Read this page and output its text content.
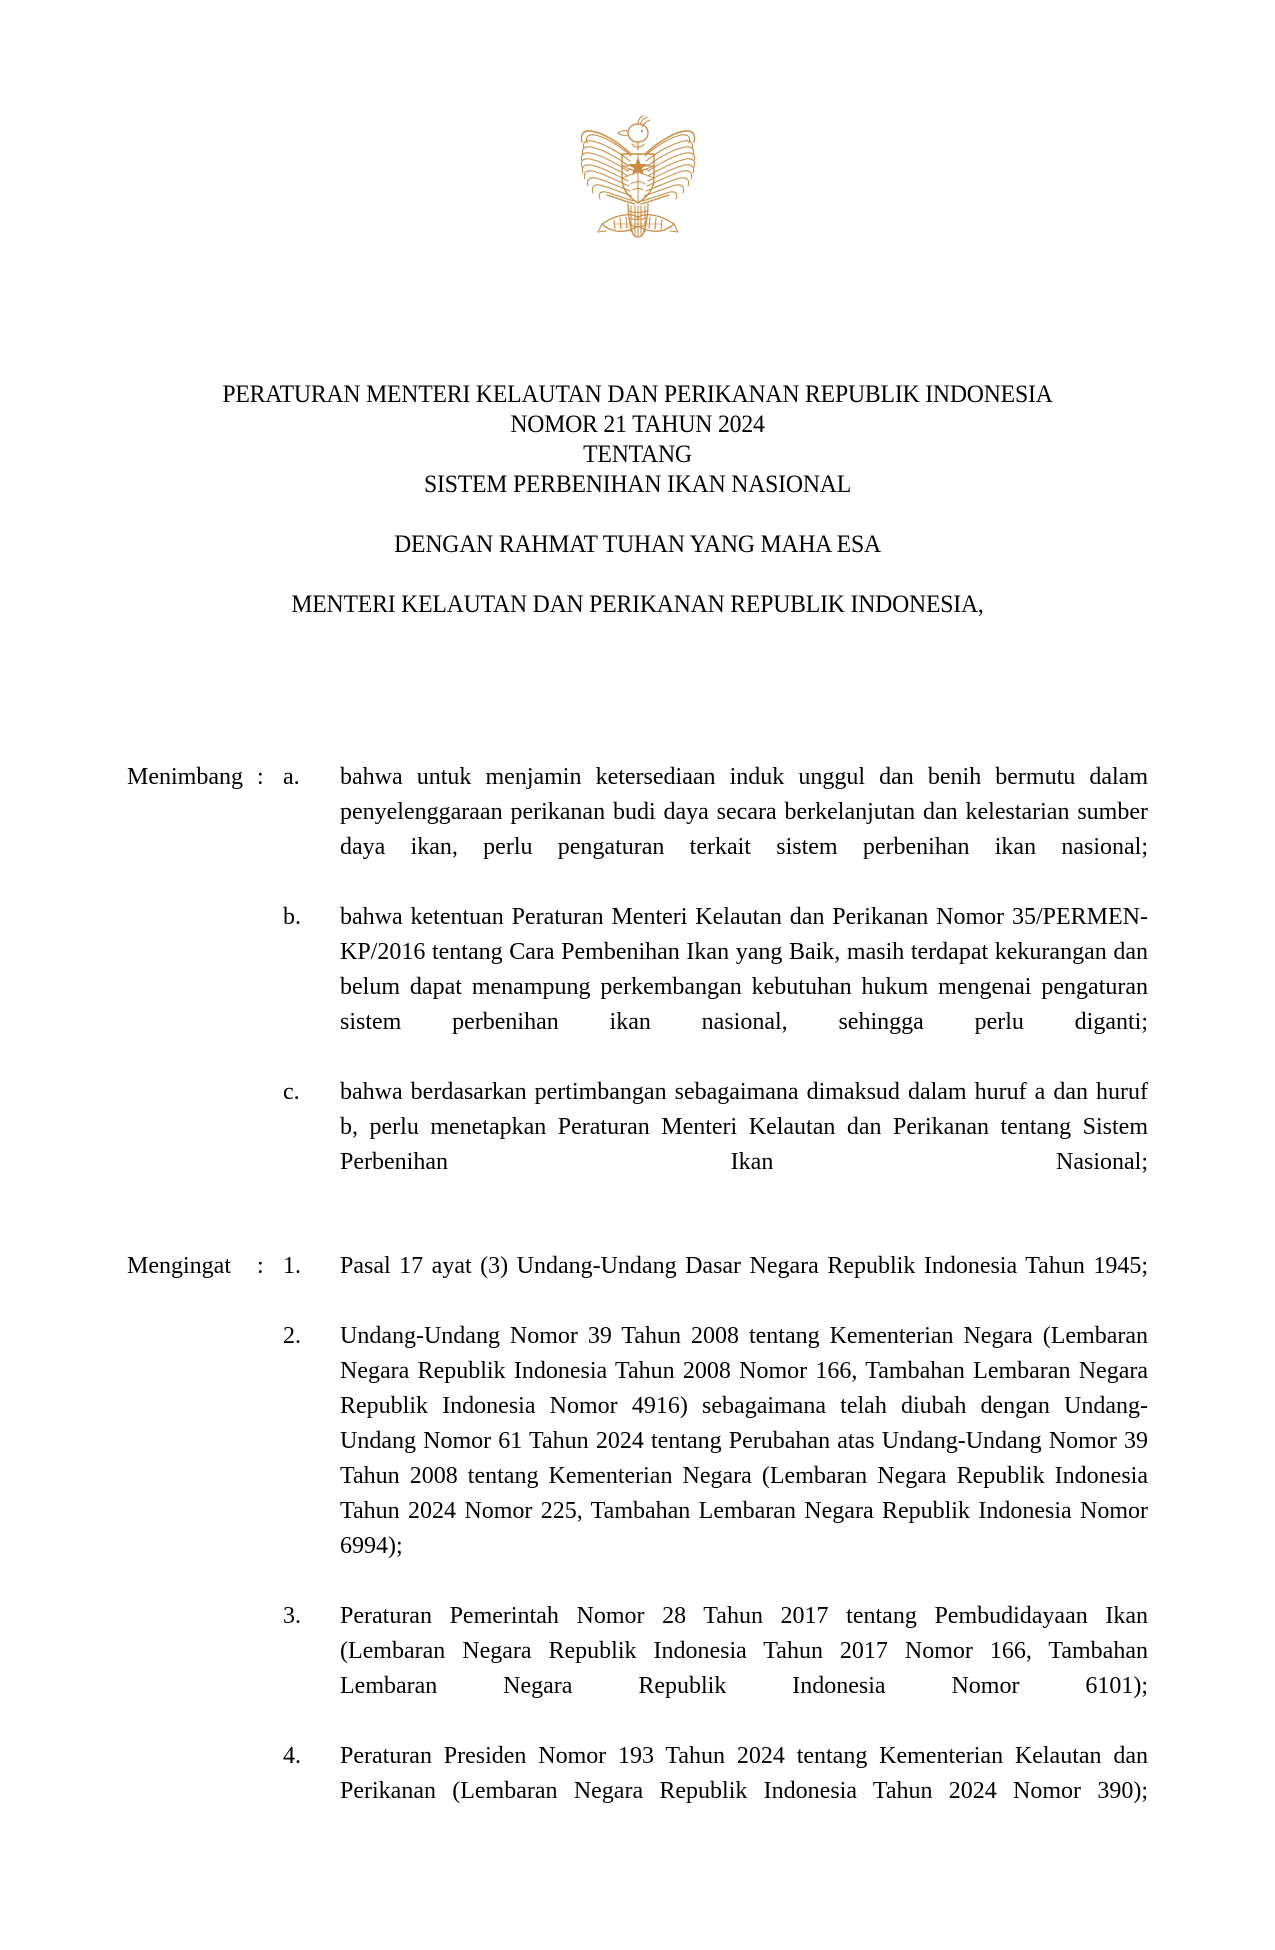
PERATURAN MENTERI KELAUTAN DAN PERIKANAN REPUBLIK INDONESIA
NOMOR 21 TAHUN 2024
TENTANG
SISTEM PERBENIHAN IKAN NASIONAL
DENGAN RAHMAT TUHAN YANG MAHA ESA
MENTERI KELAUTAN DAN PERIKANAN REPUBLIK INDONESIA,
Menimbang : a.	bahwa untuk menjamin ketersediaan induk unggul dan benih bermutu dalam penyelenggaraan perikanan budi daya secara berkelanjutan dan kelestarian sumber daya ikan, perlu pengaturan terkait sistem perbenihan ikan nasional;
b.	bahwa ketentuan Peraturan Menteri Kelautan dan Perikanan Nomor 35/PERMEN-KP/2016 tentang Cara Pembenihan Ikan yang Baik, masih terdapat kekurangan dan belum dapat menampung perkembangan kebutuhan hukum mengenai pengaturan sistem perbenihan ikan nasional, sehingga perlu diganti;
c.	bahwa berdasarkan pertimbangan sebagaimana dimaksud dalam huruf a dan huruf b, perlu menetapkan Peraturan Menteri Kelautan dan Perikanan tentang Sistem Perbenihan Ikan Nasional;
Mengingat	: 1.	Pasal 17 ayat (3) Undang-Undang Dasar Negara Republik Indonesia Tahun 1945;
2.	Undang-Undang Nomor 39 Tahun 2008 tentang Kementerian Negara (Lembaran Negara Republik Indonesia Tahun 2008 Nomor 166, Tambahan Lembaran Negara Republik Indonesia Nomor 4916) sebagaimana telah diubah dengan Undang-Undang Nomor 61 Tahun 2024 tentang Perubahan atas Undang-Undang Nomor 39 Tahun 2008 tentang Kementerian Negara (Lembaran Negara Republik Indonesia Tahun 2024 Nomor 225, Tambahan Lembaran Negara Republik Indonesia Nomor 6994);
3.	Peraturan Pemerintah Nomor 28 Tahun 2017 tentang Pembudidayaan Ikan (Lembaran Negara Republik Indonesia Tahun 2017 Nomor 166, Tambahan Lembaran Negara Republik Indonesia Nomor 6101);
4.	Peraturan Presiden Nomor 193 Tahun 2024 tentang Kementerian Kelautan dan Perikanan (Lembaran Negara Republik Indonesia Tahun 2024 Nomor 390);
